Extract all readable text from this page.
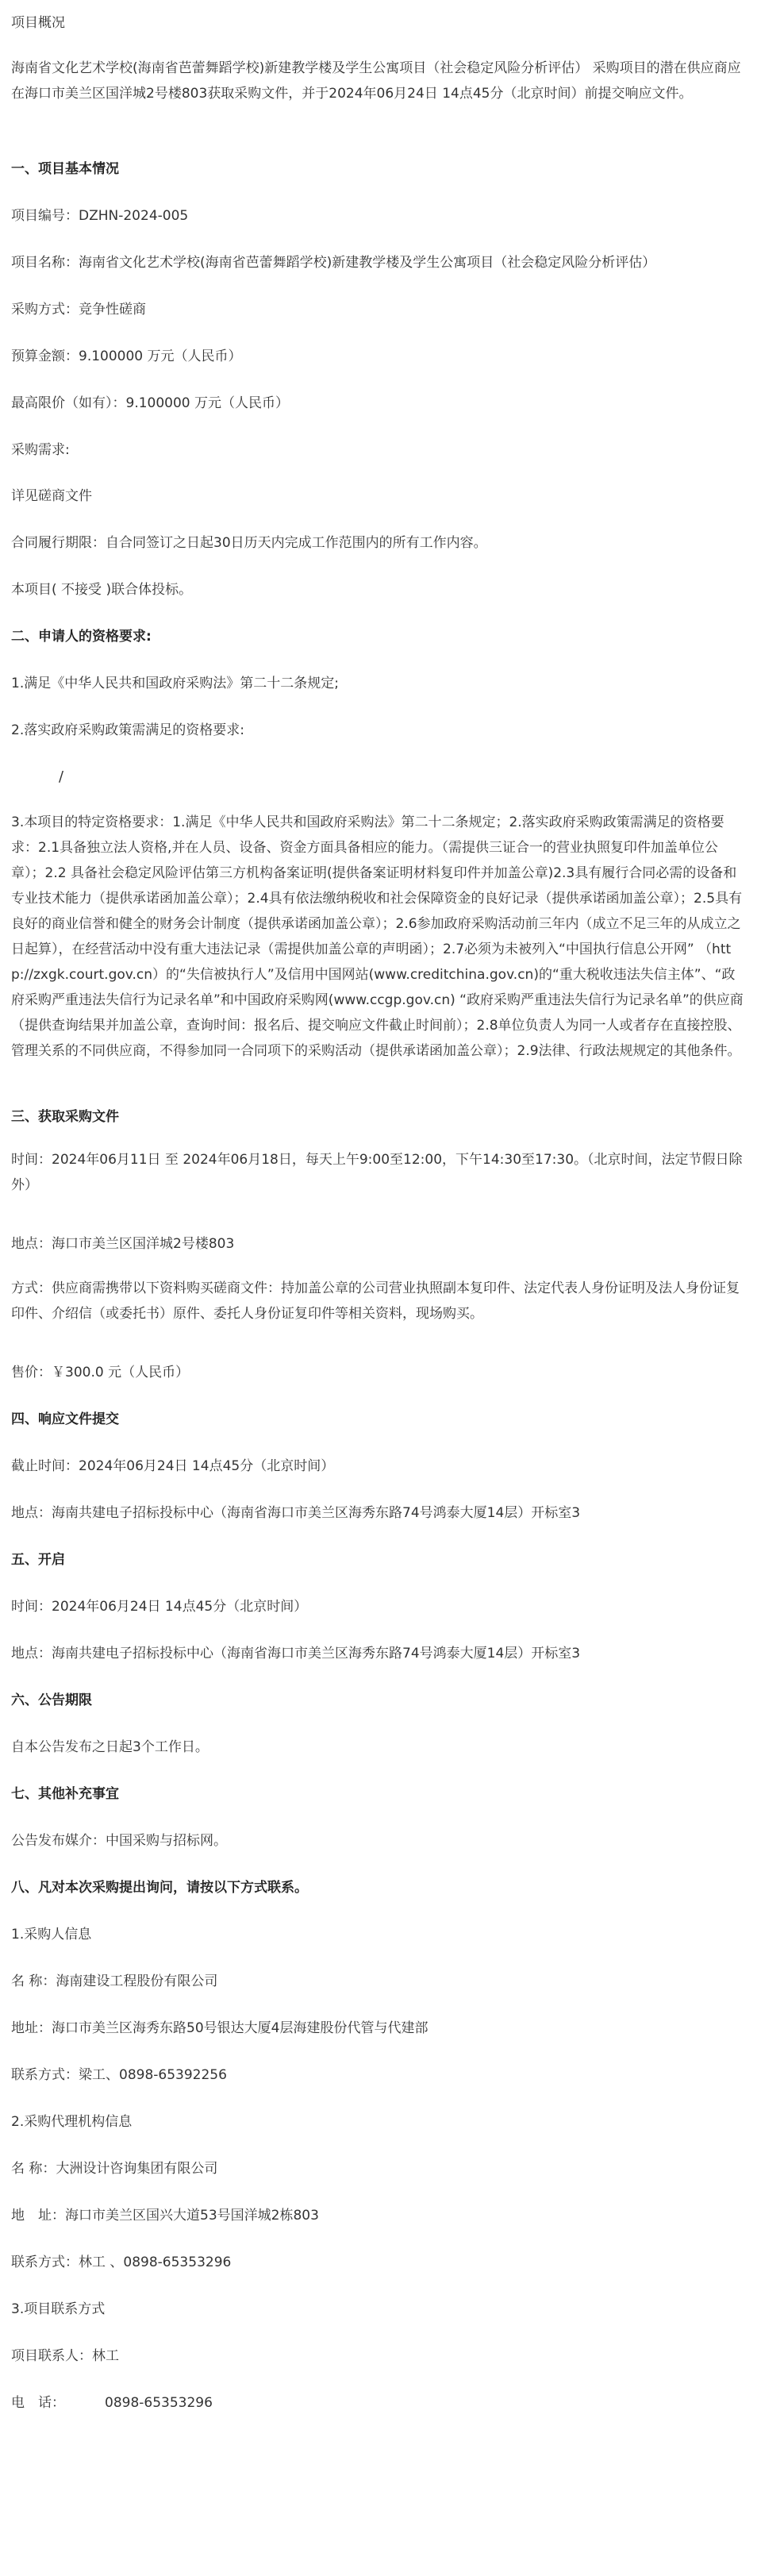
项目概况
海南省文化艺术学校(海南省芭蕾舞蹈学校)新建教学楼及学生公寓项目（社会稳定风险分析评估） 采购项目的潜在供应商应在海口市美兰区国洋城2号楼803获取采购文件，并于2024年06月24日 14点45分（北京时间）前提交响应文件。
一、项目基本情况
项目编号：DZHN-2024-005
项目名称：海南省文化艺术学校(海南省芭蕾舞蹈学校)新建教学楼及学生公寓项目（社会稳定风险分析评估）
采购方式：竞争性磋商
预算金额：9.100000 万元（人民币）
最高限价（如有）：9.100000 万元（人民币）
采购需求:
详见磋商文件
合同履行期限：自合同签订之日起30日历天内完成工作范围内的所有工作内容。
本项目( 不接受 )联合体投标。
二、申请人的资格要求:
1.满足《中华人民共和国政府采购法》第二十二条规定;
2.落实政府采购政策需满足的资格要求:
/
3.本项目的特定资格要求：1.满足《中华人民共和国政府采购法》第二十二条规定；2.落实政府采购政策需满足的资格要求：2.1具备独立法人资格,并在人员、设备、资金方面具备相应的能力。（需提供三证合一的营业执照复印件加盖单位公章）；2.2 具备社会稳定风险评估第三方机构备案证明(提供备案证明材料复印件并加盖公章)2.3具有履行合同必需的设备和专业技术能力（提供承诺函加盖公章）；2.4具有依法缴纳税收和社会保障资金的良好记录（提供承诺函加盖公章）；2.5具有良好的商业信誉和健全的财务会计制度（提供承诺函加盖公章）；2.6参加政府采购活动前三年内（成立不足三年的从成立之日起算），在经营活动中没有重大违法记录（需提供加盖公章的声明函）；2.7必须为未被列入“中国执行信息公开网” （http://zxgk.court.gov.cn）的“失信被执行人”及信用中国网站(www.creditchina.gov.cn)的“重大税收违法失信主体”、“政府采购严重违法失信行为记录名单”和中国政府采购网(www.ccgp.gov.cn) “政府采购严重违法失信行为记录名单”的供应商（提供查询结果并加盖公章，查询时间：报名后、提交响应文件截止时间前）；2.8单位负责人为同一人或者存在直接控股、管理关系的不同供应商，不得参加同一合同项下的采购活动（提供承诺函加盖公章）；2.9法律、行政法规规定的其他条件。
三、获取采购文件
时间：2024年06月11日 至 2024年06月18日，每天上午9:00至12:00，下午14:30至17:30。（北京时间，法定节假日除外）
地点：海口市美兰区国洋城2号楼803
方式：供应商需携带以下资料购买磋商文件：持加盖公章的公司营业执照副本复印件、法定代表人身份证明及法人身份证复印件、介绍信（或委托书）原件、委托人身份证复印件等相关资料，现场购买。
售价：￥300.0 元（人民币）
四、响应文件提交
截止时间：2024年06月24日 14点45分（北京时间）
地点：海南共建电子招标投标中心（海南省海口市美兰区海秀东路74号鸿泰大厦14层）开标室3
五、开启
时间：2024年06月24日 14点45分（北京时间）
地点：海南共建电子招标投标中心（海南省海口市美兰区海秀东路74号鸿泰大厦14层）开标室3
六、公告期限
自本公告发布之日起3个工作日。
七、其他补充事宜
公告发布媒介：中国采购与招标网。
八、凡对本次采购提出询问，请按以下方式联系。
1.采购人信息
名 称：海南建设工程股份有限公司
地址：海口市美兰区海秀东路50号银达大厦4层海建股份代管与代建部
联系方式：梁工、0898-65392256
2.采购代理机构信息
名 称：大洲设计咨询集团有限公司
地　址：海口市美兰区国兴大道53号国洋城2栋803
联系方式：林工 、0898-65353296
3.项目联系方式
项目联系人：林工
电　话：	0898-65353296
